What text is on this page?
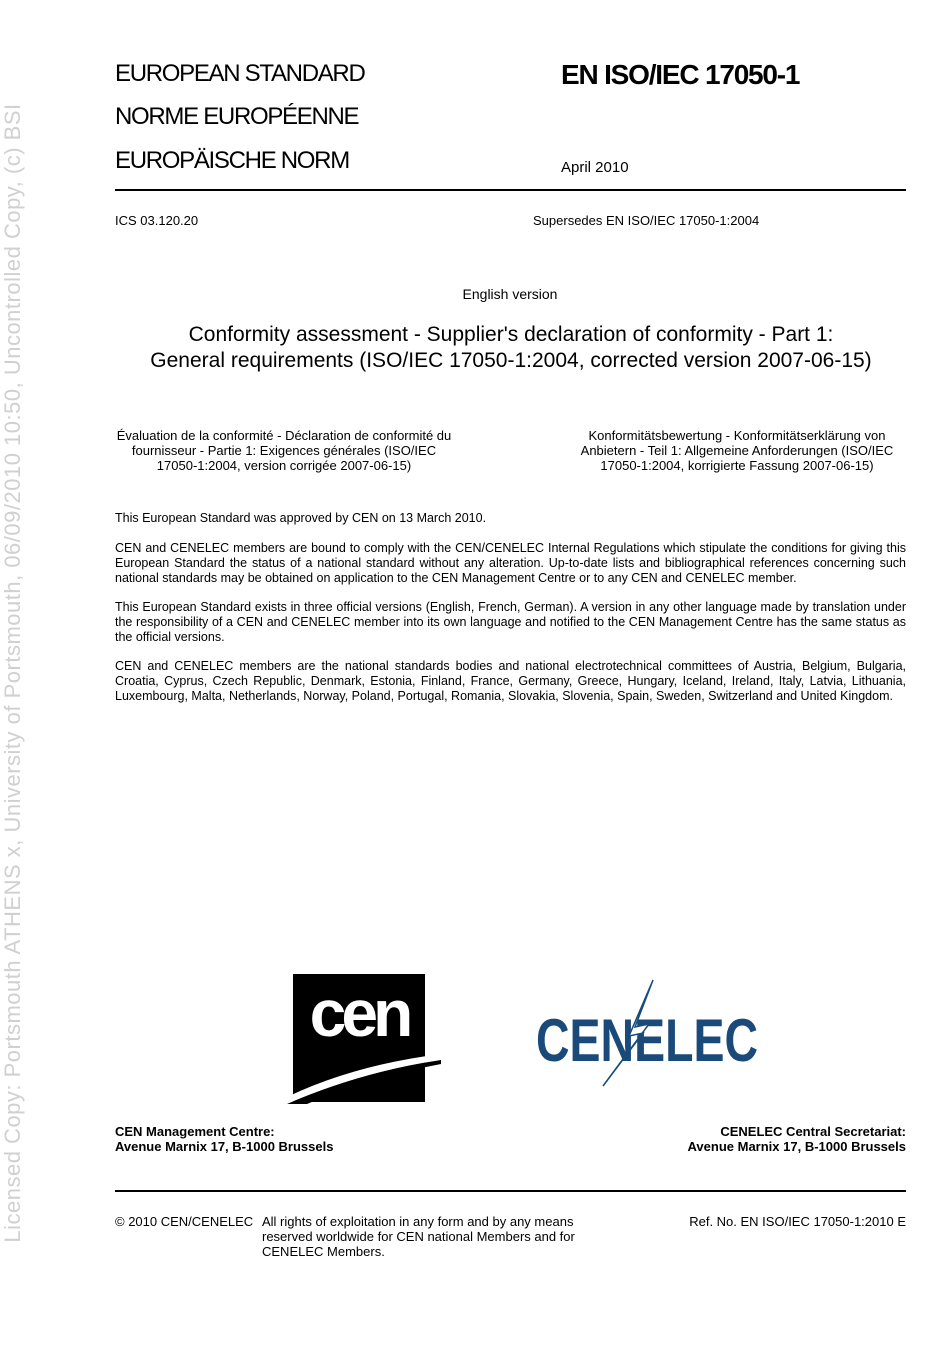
Licensed Copy: Portsmouth ATHENS x, University of Portsmouth, 06/09/2010 10:50, Uncontrolled Copy, (c) BSI
EUROPEAN STANDARD
NORME EUROPÉENNE
EUROPÄISCHE NORM
EN ISO/IEC 17050-1
April 2010
ICS 03.120.20	Supersedes EN ISO/IEC 17050-1:2004
English version
Conformity assessment - Supplier's declaration of conformity - Part 1: General requirements (ISO/IEC 17050-1:2004, corrected version 2007-06-15)
Évaluation de la conformité - Déclaration de conformité du fournisseur - Partie 1: Exigences générales (ISO/IEC 17050-1:2004, version corrigée 2007-06-15)
Konformitätsbewertung - Konformitätserklärung von Anbietern - Teil 1: Allgemeine Anforderungen (ISO/IEC 17050-1:2004, korrigierte Fassung 2007-06-15)
This European Standard was approved by CEN on 13 March 2010.
CEN and CENELEC members are bound to comply with the CEN/CENELEC Internal Regulations which stipulate the conditions for giving this European Standard the status of a national standard without any alteration. Up-to-date lists and bibliographical references concerning such national standards may be obtained on application to the CEN Management Centre or to any CEN and CENELEC member.
This European Standard exists in three official versions (English, French, German). A version in any other language made by translation under the responsibility of a CEN and CENELEC member into its own language and notified to the CEN Management Centre has the same status as the official versions.
CEN and CENELEC members are the national standards bodies and national electrotechnical committees of Austria, Belgium, Bulgaria, Croatia, Cyprus, Czech Republic, Denmark, Estonia, Finland, France, Germany, Greece, Hungary, Iceland, Ireland, Italy, Latvia, Lithuania, Luxembourg, Malta, Netherlands, Norway, Poland, Portugal, Romania, Slovakia, Slovenia, Spain, Sweden, Switzerland and United Kingdom.
cen CENELEC
CEN Management Centre:
Avenue Marnix 17, B-1000 Brussels
CENELEC Central Secretariat:
Avenue Marnix 17, B-1000 Brussels
© 2010 CEN/CENELEC All rights of exploitation in any form and by any means reserved worldwide for CEN national Members and for CENELEC Members.
Ref. No. EN ISO/IEC 17050-1:2010 E
